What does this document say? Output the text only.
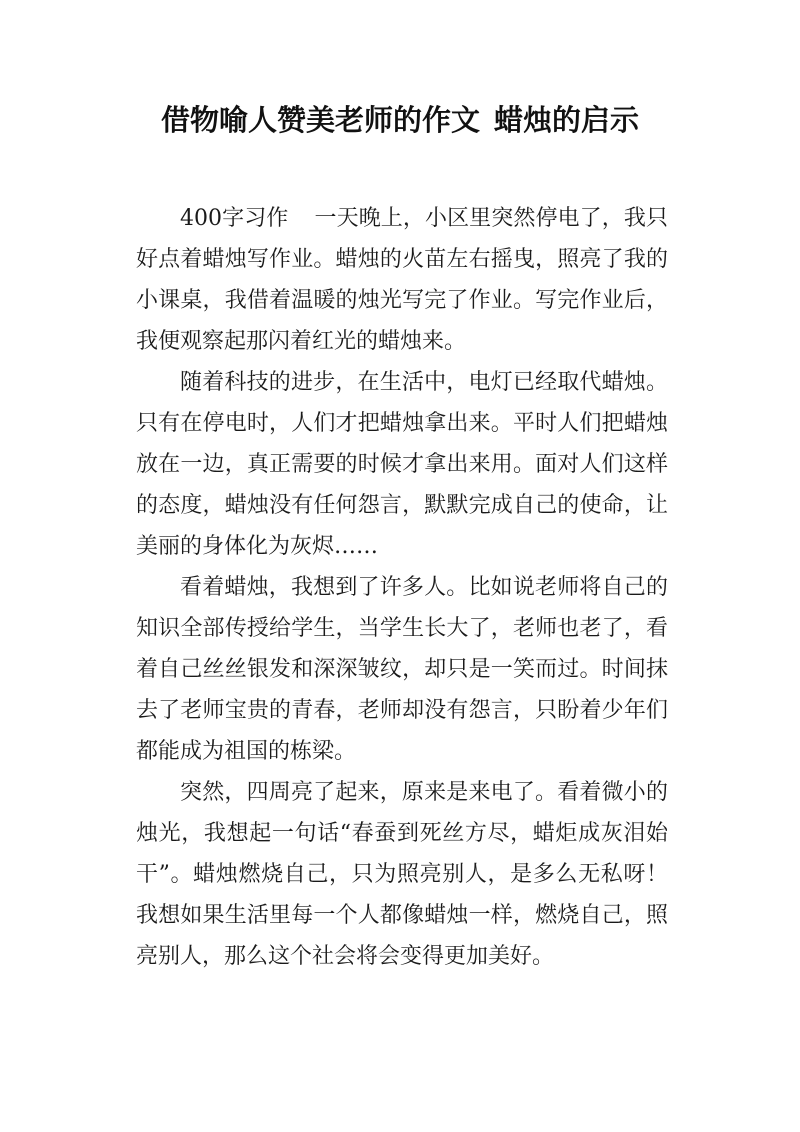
借物喻人赞美老师的作文 蜡烛的启示

400字习作 一天晚上，小区里突然停电了，我只好点着蜡烛写作业。蜡烛的火苗左右摇曳，照亮了我的小课桌，我借着温暖的烛光写完了作业。写完作业后，我便观察起那闪着红光的蜡烛来。

随着科技的进步，在生活中，电灯已经取代蜡烛。只有在停电时，人们才把蜡烛拿出来。平时人们把蜡烛放在一边，真正需要的时候才拿出来用。面对人们这样的态度，蜡烛没有任何怨言，默默完成自己的使命，让美丽的身体化为灰烬……

看着蜡烛，我想到了许多人。比如说老师将自己的知识全部传授给学生，当学生长大了，老师也老了，看着自己丝丝银发和深深皱纹，却只是一笑而过。时间抹去了老师宝贵的青春，老师却没有怨言，只盼着少年们都能成为祖国的栋梁。

突然，四周亮了起来，原来是来电了。看着微小的烛光，我想起一句话“春蚕到死丝方尽，蜡炬成灰泪始干”。蜡烛燃烧自己，只为照亮别人，是多么无私呀！我想如果生活里每一个人都像蜡烛一样，燃烧自己，照亮别人，那么这个社会将会变得更加美好。
